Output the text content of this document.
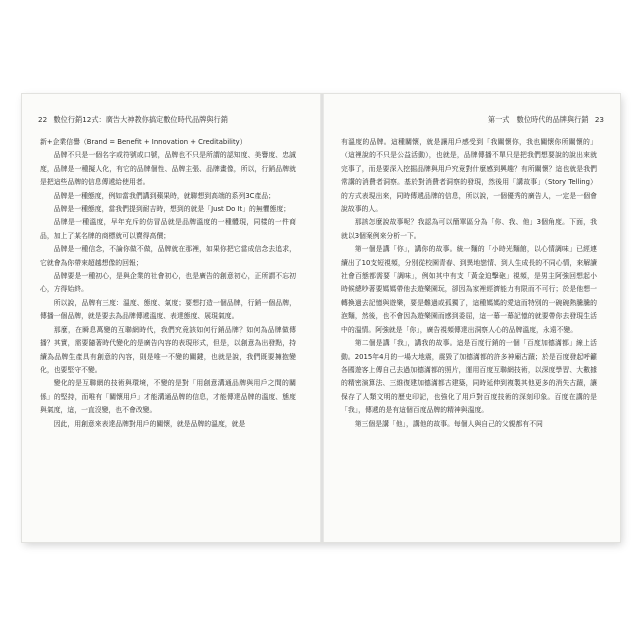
22 數位行銷12式：廣告大神教你搞定數位時代品牌與行銷

新+企業信譽（Brand = Benefit + Innovation + Creditability）

品牌不只是一個名字或符號或口號，品牌也不只是所謂的認知度、美譽度、忠誠度，品牌是一種擬人化，有它的品牌個性、品牌主張、品牌畫像，所以，行銷品牌就是把這些品牌的信息傳遞給使用者。

品牌是一種態度，例如當我們講到蘋果時，就聯想到高端的系列3C產品；

品牌是一種態度，當我們提到耐吉時，想到的就是「Just Do It」的無懼態度；

品牌是一種溫度，早年充斥的仿冒品就是品牌溫度的一種體現，同樣的一件商品，加上了某名牌的商標就可以賣得高價；

品牌是一種信念，不論你做不做，品牌就在那裡，如果你把它當成信念去追求，它就會為你帶來超越想像的回報；

品牌要是一種初心，是與企業的社會初心，也是廣告的創意初心，正所謂不忘初心，方得始終。

所以說，品牌有三度：溫度、態度、氣度；要想打造一個品牌，行銷一個品牌，傳播一個品牌，就是要去為品牌傳遞溫度、表達態度、展現氣度。

那麼，在瞬息萬變的互聯網時代，我們究竟該如何行銷品牌？如何為品牌做傳播？其實，需要隨著時代變化的是廣告內容的表現形式，但是，以創意為出發點，持續為品牌生產具有創意的內容，則是唯一不變的關鍵，也就是說，我們既要擁抱變化，也要堅守不變。

變化的是互聯網的技術與環境，不變的是對「用創意溝通品牌與用戶之間的關係」的堅持，而唯有「關懷用戶」才能溝通品牌的信息，才能傳達品牌的溫度、態度與氣度，這，一直沒變，也不會改變。

因此，用創意來表達品牌對用戶的關懷，就是品牌的溫度，就是

第一式　數位時代的品牌與行銷 23

有溫度的品牌。這種關懷，就是讓用戶感受到「我關懷你，我也關懷你所關懷的」（這裡說的不只是公益活動），也就是，品牌傳播不單只是把我們想要說的說出來就完事了，而是要深入挖掘品牌與用戶究竟對什麼感到興趣？有所關懷？這也就是我們常講的消費者洞察。基於對消費者洞察的發現，然後用「講故事」（Story Telling）的方式表現出來，同時傳遞品牌的信息，所以說，一個優秀的廣告人，一定是一個會說故事的人。

那該怎麼說故事呢？我認為可以簡單區分為「你、我、他」3個角度。下面，我就以3個案例來分析一下。

第一個是講「你」，講你的故事。統一麵的「小時光麵館，以心情調味」已經連續出了10支短視頻，分別從校園青春、到異地戀情、到人生成長的不同心情，來解讀社會百態都需要「調味」，例如其中有支「黃金迫擊砲」視頻，是男主阿強回想起小時候總吵著要媽媽帶他去遊樂園玩，卻因為家裡經濟能力有限而不可行；於是他想一轉換過去記憶與遊樂，要是難過或孤獨了，這種媽媽的愛這而特別的一碗碗熱騰騰的泡麵，然後，也不會因為遊樂園而感到委屈，這一幕一幕記憶的就要帶你去發現生活中的溫情。阿強就是「你」，廣告視頻傳達出洞察人心的品牌溫度，永遠不變。

第二個是講「我」，講我的故事。這是百度行銷的一個「百度加德滿都」線上活動。2015年4月的一場大地震，震毀了加德滿都的許多神廟古蹟；於是百度發起呼籲各國遊客上傳自己去過加德滿都的照片，運用百度互聯網技術，以深度學習、大數據的精密演算法、三維復建加德滿都古建築，同時延伸到複製其他更多的消失古蹟，讓保存了人類文明的歷史印記，也強化了用戶對百度技術的深刻印象。百度在講的是「我」，傳遞的是有這個百度品牌的精神與溫度。

第三個是講「他」，講他的故事。每個人與自己的父親都有不同
